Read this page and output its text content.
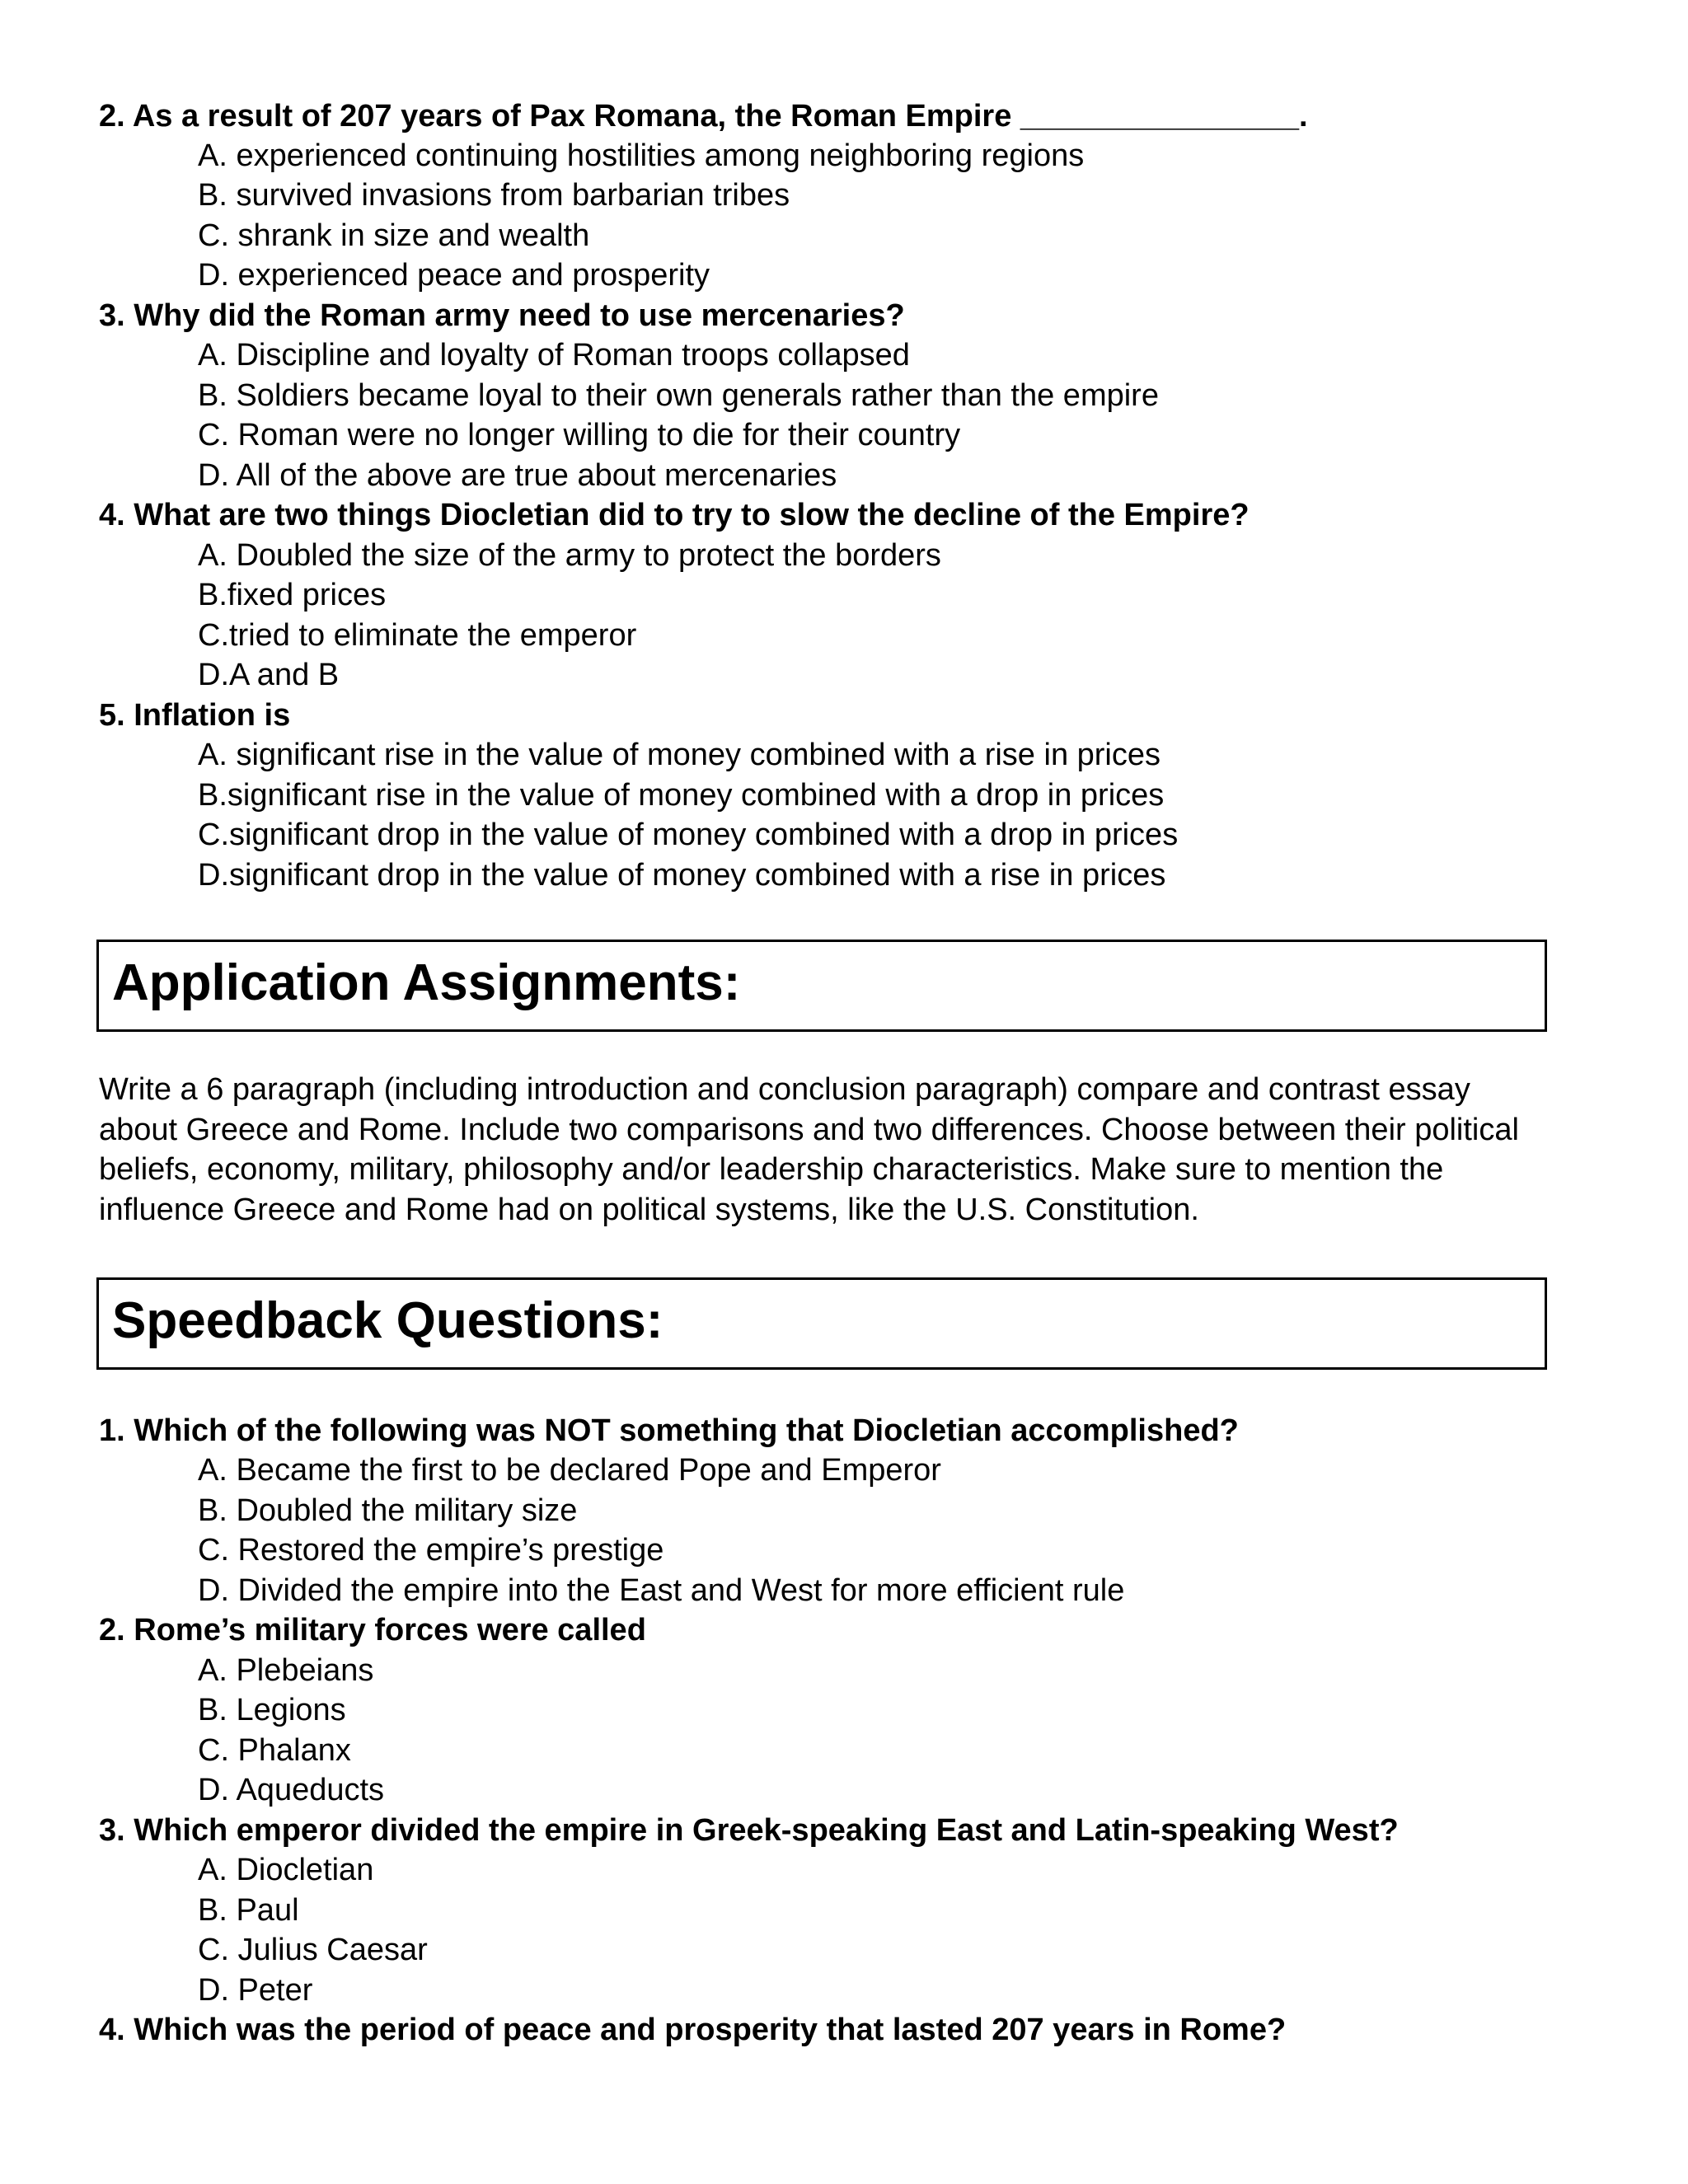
2. As a result of 207 years of Pax Romana, the Roman Empire ________________.
A. experienced continuing hostilities among neighboring regions
B. survived invasions from barbarian tribes
C. shrank in size and wealth
D. experienced peace and prosperity
3. Why did the Roman army need to use mercenaries?
A. Discipline and loyalty of Roman troops collapsed
B. Soldiers became loyal to their own generals rather than the empire
C. Roman were no longer willing to die for their country
D. All of the above are true about mercenaries
4. What are two things Diocletian did to try to slow the decline of the Empire?
A. Doubled the size of the army to protect the borders
B.fixed prices
C.tried to eliminate the emperor
D.A and B
5. Inflation is
A. significant rise in the value of money combined with a rise in prices
B.significant rise in the value of money combined with a drop in prices
C.significant drop in the value of money combined with a drop in prices
D.significant drop in the value of money combined with a rise in prices
Application Assignments:
Write a 6 paragraph (including introduction and conclusion paragraph) compare and contrast essay about Greece and Rome. Include two comparisons and two differences. Choose between their political beliefs, economy, military, philosophy and/or leadership characteristics. Make sure to mention the influence Greece and Rome had on political systems, like the U.S. Constitution.
Speedback Questions:
1. Which of the following was NOT something that Diocletian accomplished?
A. Became the first to be declared Pope and Emperor
B. Doubled the military size
C. Restored the empire’s prestige
D. Divided the empire into the East and West for more efficient rule
2. Rome’s military forces were called
A. Plebeians
B. Legions
C. Phalanx
D. Aqueducts
3. Which emperor divided the empire in Greek-speaking East and Latin-speaking West?
A. Diocletian
B. Paul
C. Julius Caesar
D. Peter
4. Which was the period of peace and prosperity that lasted 207 years in Rome?
